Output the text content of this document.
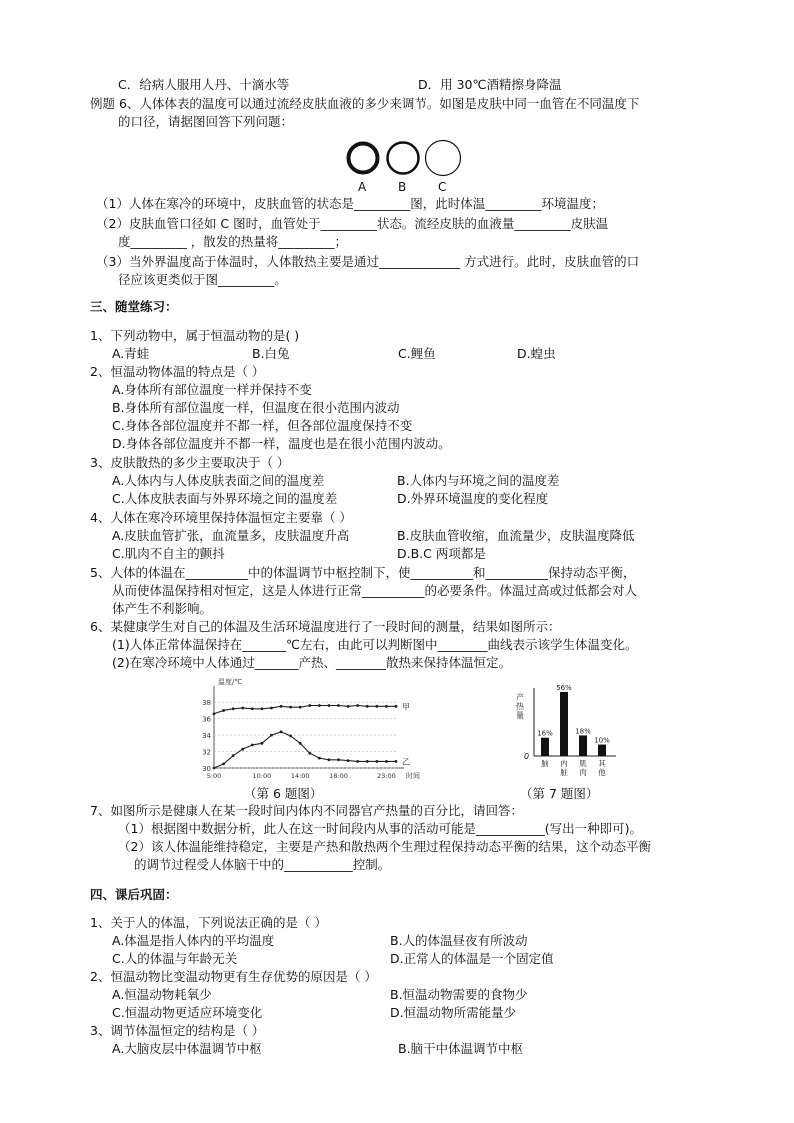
C．给病人服用人丹、十滴水等	D．用 30℃酒精擦身降温
例题 6、人体体表的温度可以通过流经皮肤血液的多少来调节。如图是皮肤中同一血管在不同温度下
的口径，请据图回答下列问题：
（1）人体在寒冷的环境中，皮肤血管的状态是_________图，此时体温_________环境温度；
（2）皮肤血管口径如 C 图时，血管处于_________状态。流经皮肤的血液量_________皮肤温
度_________ ，散发的热量将_________；
（3）当外界温度高于体温时，人体散热主要是通过_____________ 方式进行。此时，皮肤血管的口
径应该更类似于图_________。
三、随堂练习：
1、下列动物中，属于恒温动物的是( )
A.青蛙	B.白兔	C.鲤鱼	D.蝗虫
2、恒温动物体温的特点是（ ）
A.身体所有部位温度一样并保持不变
B.身体所有部位温度一样，但温度在很小范围内波动
C.身体各部位温度并不都一样，但各部位温度保持不变
D.身体各部位温度并不都一样，温度也是在很小范围内波动。
3、皮肤散热的多少主要取决于（ ）
A.人体内与人体皮肤表面之间的温度差	B.人体内与环境之间的温度差
C.人体皮肤表面与外界环境之间的温度差	D.外界环境温度的变化程度
4、人体在寒冷环境里保持体温恒定主要靠（ ）
A.皮肤血管扩张，血流量多，皮肤温度升高	B.皮肤血管收缩，血流量少，皮肤温度降低
C.肌肉不自主的颤抖	D.B.C 两项都是
5、人体的体温在__________中的体温调节中枢控制下，使__________和__________保持动态平衡，
从而使体温保持相对恒定，这是人体进行正常__________的必要条件。体温过高或过低都会对人
体产生不利影响。
6、某健康学生对自己的体温及生活环境温度进行了一段时间的测量，结果如图所示：
(1)人体正常体温保持在_______℃左右，由此可以判断图中________曲线表示该学生体温变化。
(2)在寒冷环境中人体通过_______产热、________散热来保持体温恒定。
（第 6 题图）	（第 7 题图）
7、如图所示是健康人在某一段时间内体内不同器官产热量的百分比，请回答：
（1）根据图中数据分析，此人在这一时间段内从事的活动可能是___________(写出一种即可)。
（2）该人体温能维持稳定，主要是产热和散热两个生理过程保持动态平衡的结果，这个动态平衡
的调节过程受人体脑干中的___________控制。
四、课后巩固：
1、关于人的体温，下列说法正确的是（ ）
A.体温是指人体内的平均温度	B.人的体温昼夜有所波动
C.人的体温与年龄无关	D.正常人的体温是一个固定值
2、恒温动物比变温动物更有生存优势的原因是（ ）
A.恒温动物耗氧少	B.恒温动物需要的食物少
C.恒温动物更适应环境变化	D.恒温动物所需能量少
3、调节体温恒定的结构是（ ）
A.大脑皮层中体温调节中枢	B.脑干中体温调节中枢
A	B	C
温度/℃
30
32
34
36
38
5:00	10:00	14:00	18:00	23:00 时间
甲
乙
0
产热量
16%
脑
56%
内脏
18%
肌肉
10%
其他
